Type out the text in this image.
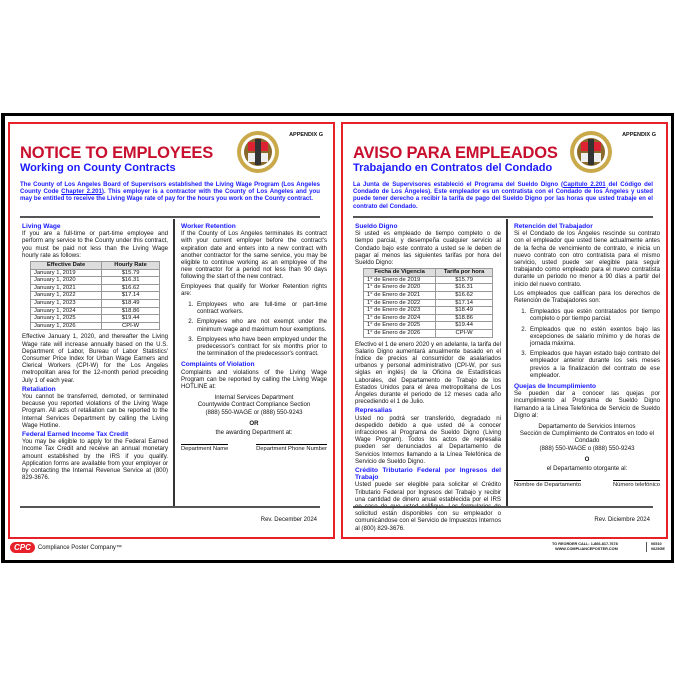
APPENDIX G
NOTICE TO EMPLOYEES
Working on County Contracts
The County of Los Angeles Board of Supervisors established the Living Wage Program (Los Angeles County Code Chapter 2.201). This employer is a contractor with the County of Los Angeles and you may be entitled to receive the Living Wage rate of pay for the hours you work on the County contract.
Living Wage

If you are a full-time or part-time employee and perform any service to the County under this contract, you must be paid not less than the Living Wage hourly rate as follows:

Effective Date	Hourly Rate
January 1, 2019	$15.79
January 1, 2020	$16.31
January 1, 2021	$16.62
January 1, 2022	$17.14
January 1, 2023	$18.49
January 1, 2024	$18.86
January 1, 2025	$19.44
January 1, 2026	CPI-W

Effective January 1, 2020, and thereafter the Living Wage rate will increase annually based on the U.S. Department of Labor, Bureau of Labor Statistics' Consumer Price Index for Urban Wage Earners and Clerical Workers (CPI-W) for the Los Angeles metropolitan area for the 12-month period preceding July 1 of each year.

Retaliation

You cannot be transferred, demoted, or terminated because you reported violations of the Living Wage Program. All acts of retaliation can be reported to the Internal Services Department by calling the Living Wage Hotline.

Federal Earned Income Tax Credit

You may be eligible to apply for the Federal Earned Income Tax Credit and receive an annual monetary amount established by the IRS if you qualify. Application forms are available from your employer or by contacting the Internal Revenue Service at (800) 829-3676.

Worker Retention

If the County of Los Angeles terminates its contract with your current employer before the contract's expiration date and enters into a new contract with another contractor for the same service, you may be eligible to continue working as an employee of the new contractor for a period not less than 90 days following the start of the new contract.

Employees that qualify for Worker Retention rights are:

1. Employees who are full-time or part-time contract workers.
2. Employees who are not exempt under the minimum wage and maximum hour exemptions.
3. Employees who have been employed under the predecessor's contract for six months prior to the termination of the predecessor's contract.
Complaints of Violation

Complaints and violations of the Living Wage Program can be reported by calling the Living Wage HOTLINE at:

Internal Services Department
Countywide Contract Compliance Section
(888) 550-WAGE or (888) 550-9243
OR
the awarding Department at:
Department Name	Department Phone Number
Rev. December 2024
APPENDIX G
AVISO PARA EMPLEADOS
Trabajando en Contratos del Condado
La Junta de Supervisores estableció el Programa del Sueldo Digno (Capítulo 2.201 del Código del Condado de Los Ángeles). Este empleador es un contratista con el Condado de los Ángeles y usted puede tener derecho a recibir la tarifa de pago del Sueldo Digno por las horas que usted trabaje en el contrato del Condado.
Sueldo Digno

Si usted es empleado de tiempo completo o de tiempo parcial, y desempeña cualquier servicio al Condado bajo este contrato a usted se le deben de pagar al menos las siguientes tarifas por hora del Sueldo Digno:

Fecha de Vigencia	Tarifa por hora
1° de Enero de 2019	$15.79
1° de Enero de 2020	$16.31
1° de Enero de 2021	$16.62
1° de Enero de 2022	$17.14
1° de Enero de 2023	$18.49
1° de Enero de 2024	$18.86
1° de Enero de 2025	$19.44
1° de Enero de 2026	CPI-W

Efectivo el 1 de enero 2020 y en adelante, la tarifa del Salario Digno aumentará anualmente basado en el Índice de precios al consumidor de asalariados urbanos y personal administrativo (CPI-W, por sus siglas en inglés) de la Oficina de Estadísticas Laborales, del Departamento de Trabajo de los Estados Unidos para el área metropolitana de Los Ángeles durante el periodo de 12 meses cada año precediendo el 1 de Julio.

Represalias

Usted no podrá ser transferido, degradado ni despedido debido a que usted dé a conocer infracciones al Programa de Sueldo Digno (Living Wage Program). Todos los actos de represalia pueden ser denunciados al Departamento de Servicios Internos llamando a la Línea Telefónica de Servicio de Sueldo Digno.

Crédito Tributario Federal por Ingresos del Trabajo

Usted puede ser elegible para solicitar el Crédito Tributario Federal por Ingresos del Trabajo y recibir una cantidad de dinero anual establecida por el IRS solicitud están disponibles con su empleador o comunicándose con el Servicio de Impuestos Internos al (800) 829-3676.

Retención del Trabajador

Si el Condado de los Ángeles rescinde su contrato con el empleador que usted tiene actualmente antes de la fecha de vencimiento de contrato, e inicia un nuevo contrato con otro contratista para el mismo servicio, usted puede ser elegible para seguir trabajando como empleado para el nuevo contratista durante un periodo no menor a 90 días a partir del inicio del nuevo contrato.

Los empleados que califican para los derechos de Retención de Trabajadores son:

1. Empleados que estén contratados por tiempo completo o por tiempo parcial.
2. Empleados que no estén exentos bajo las excepciones de salario mínimo y de horas de jornada máxima.
3. Empleados que hayan estado bajo contrato del empleador anterior durante los seis meses previos a la finalización del contrato de ese empleador.
Quejas de Incumplimiento

Se pueden dar a conocer las quejas por incumplimiento al Programa de Sueldo Digno llamando a la Línea Telefónica de Servicio de Sueldo Digno al:

Departamento de Servicios Internos
Sección de Cumplimiento de Contratos en todo el Condado
(888) 550-WAGE o (888) 550-9243
O
el Departamento otorgante al:
Nombre de Departamento	Número telefónico
Rev. Diciembre 2024
CPC	Compliance Poster Company™
TO REORDER CALL: 1-866-817-7678
WWW.COMPLIANCEPOSTER.COM
06510
0625GE
